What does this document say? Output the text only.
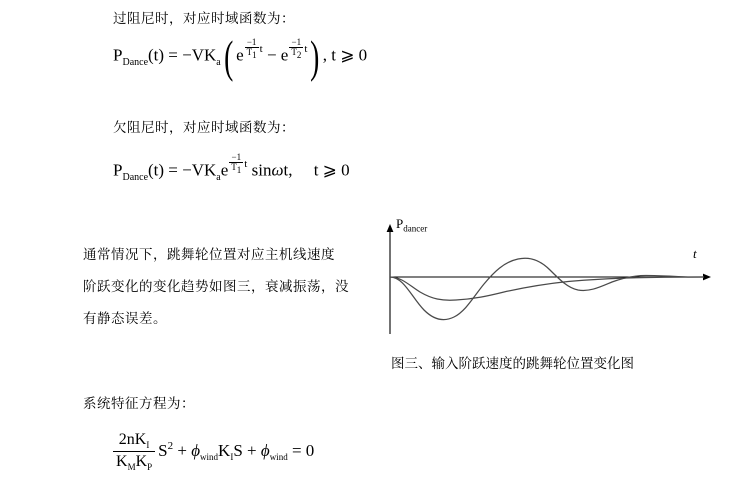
过阻尼时，对应时域函数为：
$P_{Dance}(t) = -VK_a$( e $\frac{-1}{T1}$ t − e $\frac{-1}{T2} t$) , t ⩾ 0
欠阻尼时，对应时域函数为：
$P_{Dance}(t) = -VK_ae \frac{-1}{T1}$ t sinωt, t ⩾ 0
通常情况下，跳舞轮位置对应主机线速度
阶跃变化的变化趋势如图三，衰减振荡，没
有静态误差。
$P_{dancer}$
t
图三、输入阶跃速度的跳舞轮位置变化图
系统特征方程为：
$\frac{2nK_I}{K_MK_P} S^2 + \phi_{wind}K_IS + \phi_{wind} = 0$
